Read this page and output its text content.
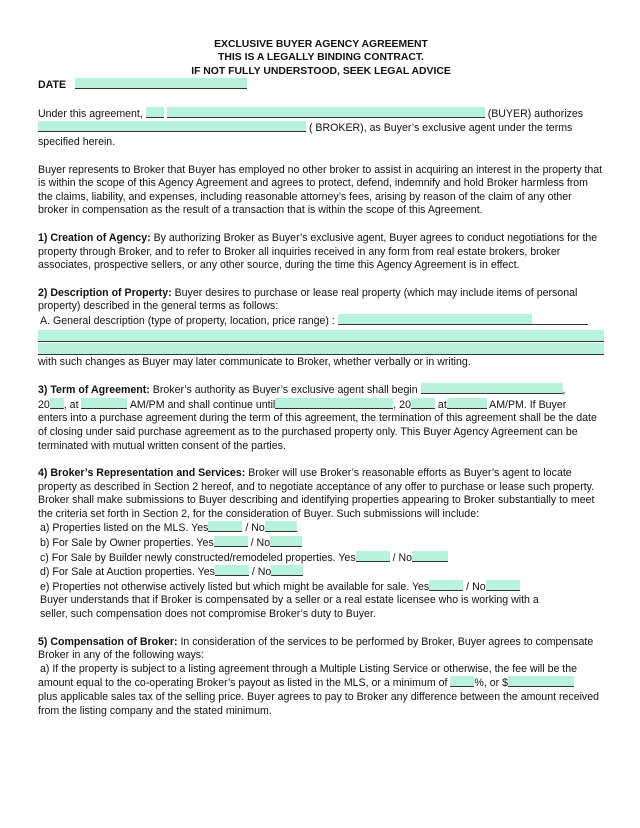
EXCLUSIVE BUYER AGENCY AGREEMENT
THIS IS A LEGALLY BINDING CONTRACT.
IF NOT FULLY UNDERSTOOD, SEEK LEGAL ADVICE
DATE

Under this agreement,	(BUYER) authorizes

( BROKER), as Buyer’s exclusive agent under the terms

specified herein.

Buyer represents to Broker that Buyer has employed no other broker to assist in acquiring an interest in the property that is within the scope of this Agency Agreement and agrees to protect, defend, indemnify and hold Broker harmless from the claims, liability, and expenses, including reasonable attorney’s fees, arising by reason of the claim of any other broker in compensation as the result of a transaction that is within the scope of this Agreement.

1) Creation of Agency: By authorizing Broker as Buyer’s exclusive agent, Buyer agrees to conduct negotiations for the property through Broker, and to refer to Broker all inquiries received in any form from real estate brokers, broker associates, prospective sellers, or any other source, during the time this Agency Agreement is in effect.

2) Description of Property: Buyer desires to purchase or lease real property (which may include items of personal property) described in the general terms as follows:

A. General description (type of property, location, price range) :

with such changes as Buyer may later communicate to Broker, whether verbally or in writing.

3) Term of Agreement: Broker’s authority as Buyer’s exclusive agent shall begin	,

20 , at	AM/PM and shall continue until	, 20	at	AM/PM. If Buyer

enters into a purchase agreement during the term of this agreement, the termination of this agreement shall be the date of closing under said purchase agreement as to the purchased property only. This Buyer Agency Agreement can be terminated with mutual written consent of the parties.

4) Broker’s Representation and Services: Broker will use Broker’s reasonable efforts as Buyer’s agent to locate property as described in Section 2 hereof, and to negotiate acceptance of any offer to purchase or lease such property. Broker shall make submissions to Buyer describing and identifying properties appearing to Broker substantially to meet the criteria set forth in Section 2, for the consideration of Buyer. Such submissions will include:

a) Properties listed on the MLS. Yes	/ No

b) For Sale by Owner properties. Yes	/ No

c) For Sale by Builder newly constructed/remodeled properties. Yes	/ No

d) For Sale at Auction properties. Yes	/ No

e) Properties not otherwise actively listed but which might be available for sale. Yes	/ No

Buyer understands that if Broker is compensated by a seller or a real estate licensee who is working with a

seller, such compensation does not compromise Broker’s duty to Buyer.

5) Compensation of Broker: In consideration of the services to be performed by Broker, Buyer agrees to compensate Broker in any of the following ways:

a) If the property is subject to a listing agreement through a Multiple Listing Service or otherwise, the fee will be the

amount equal to the co-operating Broker’s payout as listed in the MLS, or a minimum of	%, or $

plus applicable sales tax of the selling price. Buyer agrees to pay to Broker any difference between the amount received from the listing company and the stated minimum.
